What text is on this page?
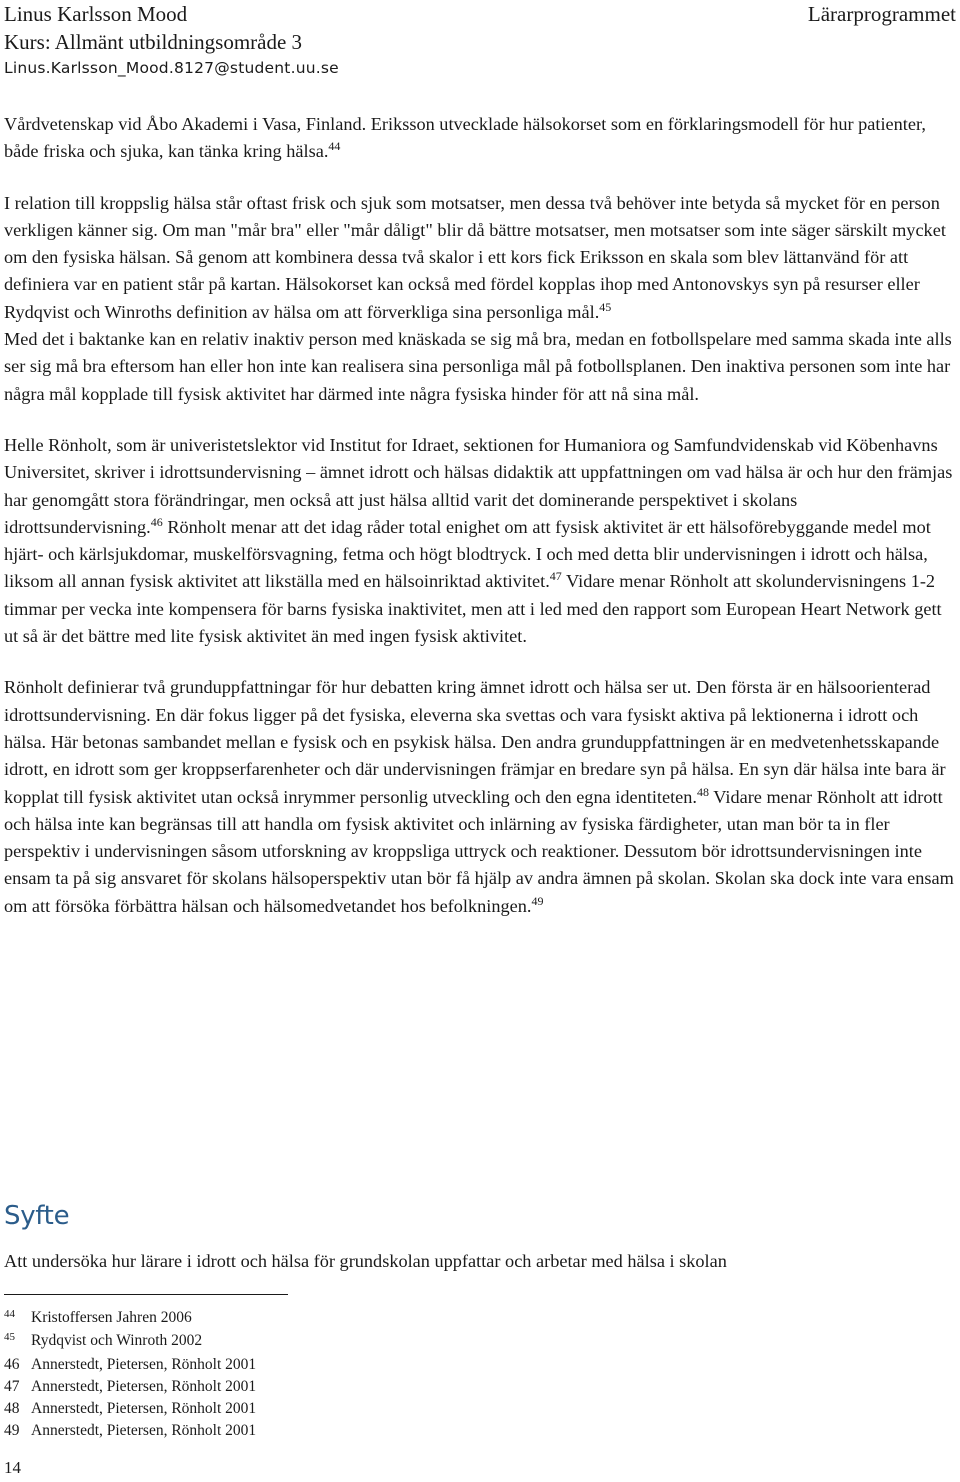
Linus Karlsson Mood	Lärarprogrammet
Kurs: Allmänt utbildningsområde 3
Linus.Karlsson_Mood.8127@student.uu.se

Vårdvetenskap vid Åbo Akademi i Vasa, Finland. Eriksson utvecklade hälsokorset som en förklaringsmodell för hur patienter, både friska och sjuka, kan tänka kring hälsa.$^{44}$

I relation till kroppslig hälsa står oftast frisk och sjuk som motsatser, men dessa två behöver inte betyda så mycket för en person verkligen känner sig. Om man "mår bra" eller "mår dåligt" blir då bättre motsatser, men motsatser som inte säger särskilt mycket om den fysiska hälsan. Så genom att kombinera dessa två skalor i ett kors fick Eriksson en skala som blev lättanvänd för att definiera var en patient står på kartan. Hälsokorset kan också med fördel kopplas ihop med Antonovskys syn på resurser eller Rydqvist och Winroths definition av hälsa om att förverkliga sina personliga mål.$^{45}$
Med det i baktanke kan en relativ inaktiv person med knäskada se sig må bra, medan en fotbollspelare med samma skada inte alls ser sig må bra eftersom han eller hon inte kan realisera sina personliga mål på fotbollsplanen. Den inaktiva personen som inte har några mål kopplade till fysisk aktivitet har därmed inte några fysiska hinder för att nå sina mål.

Helle Rönholt, som är univeristetslektor vid Institut for Idraet, sektionen for Humaniora og Samfundvidenskab vid Köbenhavns Universitet, skriver i idrottsundervisning – ämnet idrott och hälsas didaktik att uppfattningen om vad hälsa är och hur den främjas har genomgått stora förändringar, men också att just hälsa alltid varit det dominerande perspektivet i skolans idrottsundervisning.$^{46}$ Rönholt menar att det idag råder total enighet om att fysisk aktivitet är ett hälsoförebyggande medel mot hjärt- och kärlsjukdomar, muskelförsvagning, fetma och högt blodtryck. I och med detta blir undervisningen i idrott och hälsa, liksom all annan fysisk aktivitet att likställa med en hälsoinriktad aktivitet.$^{47}$ Vidare menar Rönholt att skolundervisningens 1-2 timmar per vecka inte kompensera för barns fysiska inaktivitet, men att i led med den rapport som European Heart Network gett ut så är det bättre med lite fysisk aktivitet än med ingen fysisk aktivitet.

Rönholt definierar två grunduppfattningar för hur debatten kring ämnet idrott och hälsa ser ut. Den första är en hälsoorienterad idrottsundervisning. En där fokus ligger på det fysiska, eleverna ska svettas och vara fysiskt aktiva på lektionerna i idrott och hälsa. Här betonas sambandet mellan e fysisk och en psykisk hälsa. Den andra grunduppfattningen är en medvetenhetsskapande idrott, en idrott som ger kroppserfarenheter och där undervisningen främjar en bredare syn på hälsa. En syn där hälsa inte bara är kopplat till fysisk aktivitet utan också inrymmer personlig utveckling och den egna identiteten.$^{48}$ Vidare menar Rönholt att idrott och hälsa inte kan begränsas till att handla om fysisk aktivitet och inlärning av fysiska färdigheter, utan man bör ta in fler perspektiv i undervisningen såsom utforskning av kroppsliga uttryck och reaktioner. Dessutom bör idrottsundervisningen inte ensam ta på sig ansvaret för skolans hälsoperspektiv utan bör få hjälp av andra ämnen på skolan. Skolan ska dock inte vara ensam om att försöka förbättra hälsan och hälsomedvetandet hos befolkningen.$^{49}$

Syfte
Att undersöka hur lärare i idrott och hälsa för grundskolan uppfattar och arbetar med hälsa i skolan
44	Kristoffersen Jahren 2006
45	Rydqvist och Winroth 2002
46 Annerstedt, Pietersen, Rönholt 2001
47 Annerstedt, Pietersen, Rönholt 2001
48 Annerstedt, Pietersen, Rönholt 2001
49 Annerstedt, Pietersen, Rönholt 2001
14
